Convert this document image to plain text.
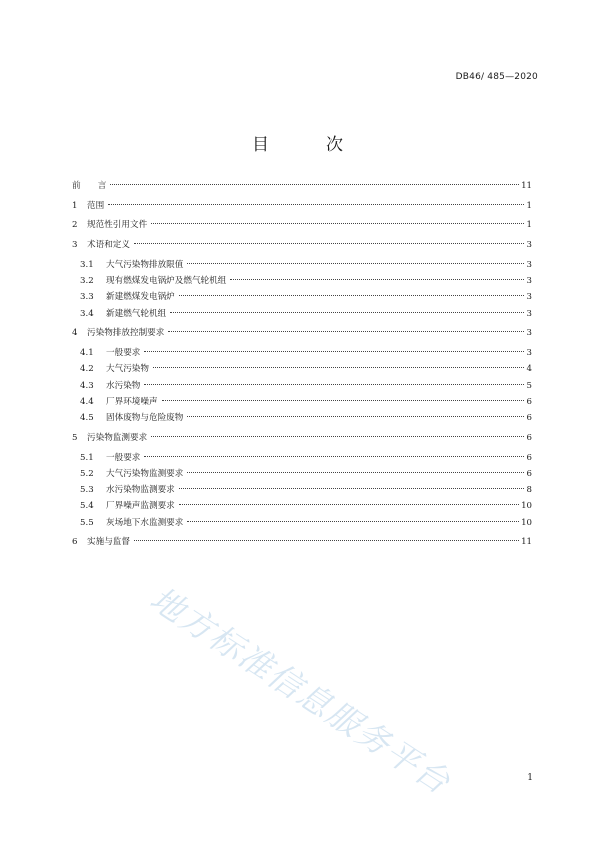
DB46/ 485—2020
目　次
前　　言	11
1	范围	1
2	规范性引用文件	1
3	术语和定义	3
3.1	大气污染物排放限值	3
3.2	现有燃煤发电锅炉及燃气轮机组	3
3.3	新建燃煤发电锅炉	3
3.4	新建燃气轮机组	3
4	污染物排放控制要求	3
4.1	一般要求	3
4.2	大气污染物	4
4.3	水污染物	5
4.4	厂界环境噪声	6
4.5	固体废物与危险废物	6
5	污染物监测要求	6
5.1	一般要求	6
5.2	大气污染物监测要求	6
5.3	水污染物监测要求	8
5.4	厂界噪声监测要求	10
5.5	灰场地下水监测要求	10
6	实施与监督	11
地方标准信息服务平台	1
